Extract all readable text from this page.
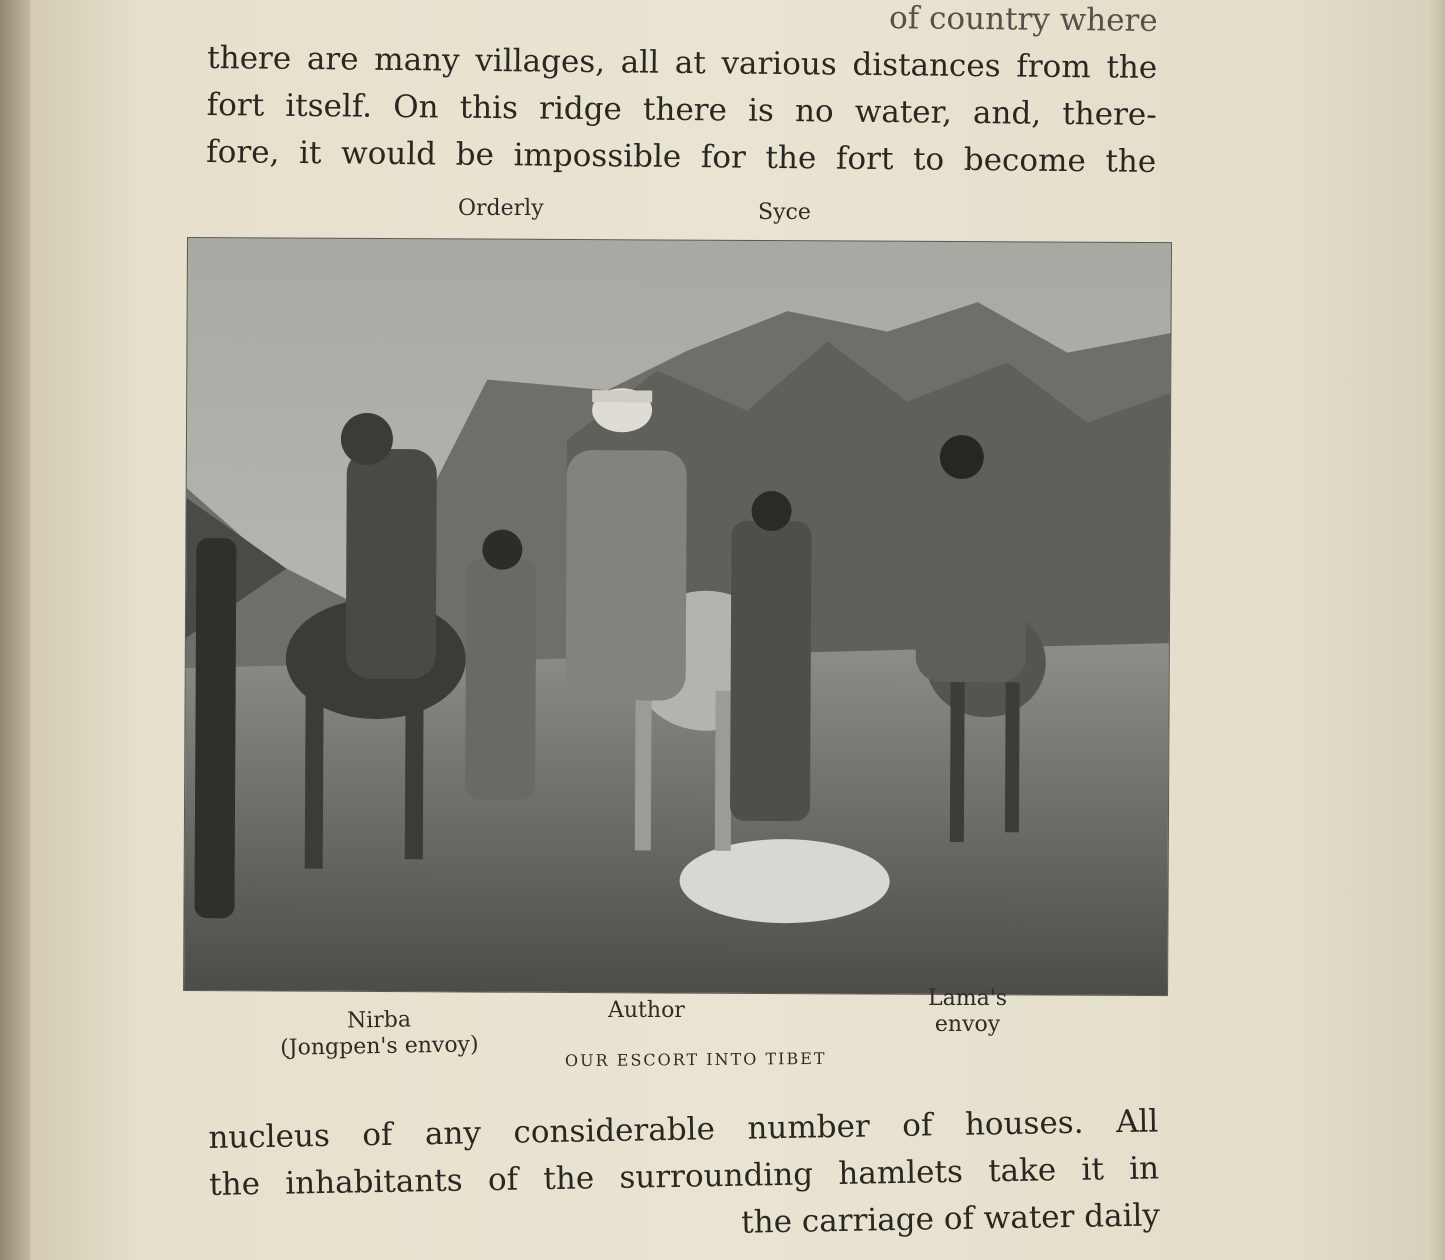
of country where
there are many villages, all at various distances from the
fort itself. On this ridge there is no water, and, there-
fore, it would be impossible for the fort to become the
Orderly	Syce
Nirba
(Jongpen's envoy)
Author	Lama's
envoy
OUR ESCORT INTO TIBET
nucleus of any considerable number of houses. All
the inhabitants of the surrounding hamlets take it in
the carriage of water daily
